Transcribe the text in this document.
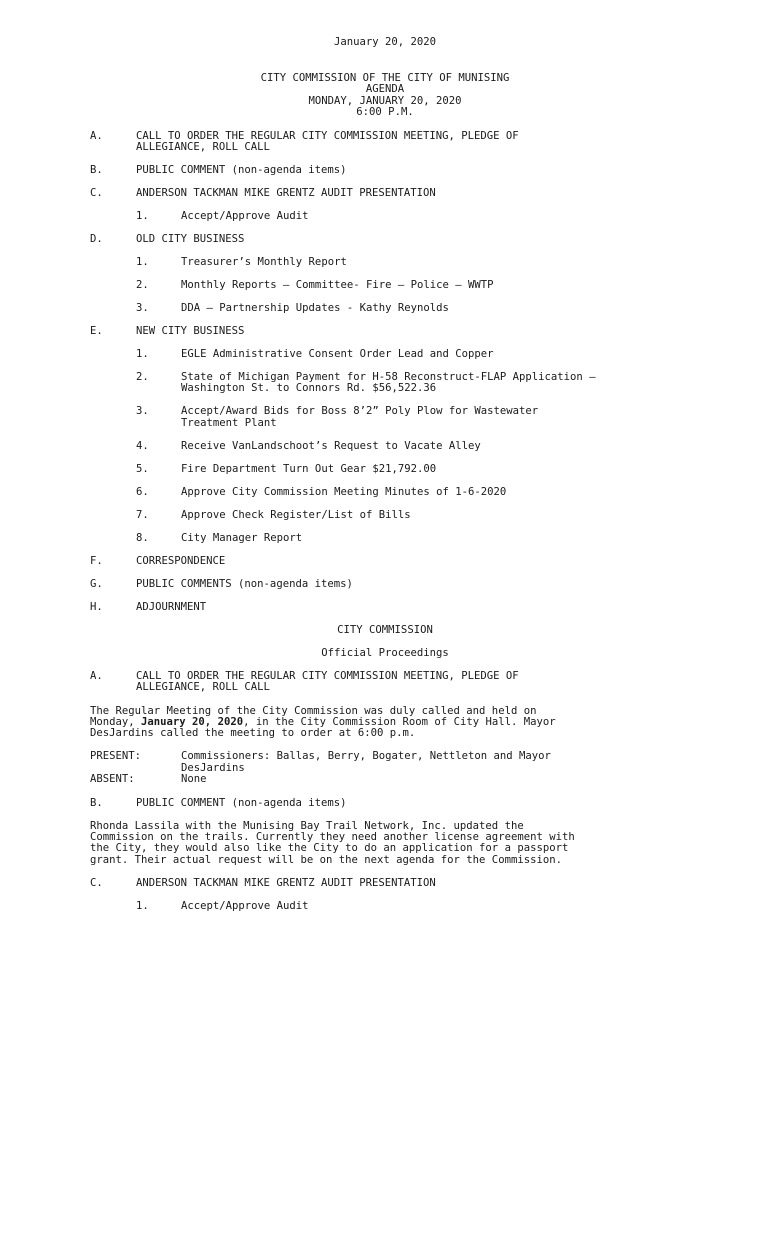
January 20, 2020

CITY COMMISSION OF THE CITY OF MUNISING

AGENDA

MONDAY, JANUARY 20, 2020

6:00 P.M.

A.

	CALL TO ORDER THE REGULAR CITY COMMISSION MEETING, PLEDGE OF

ALLEGIANCE, ROLL CALL

B.

	PUBLIC COMMENT (non-agenda items)

C.

	ANDERSON TACKMAN MIKE GRENTZ AUDIT PRESENTATION

1.

	Accept/Approve Audit

D.

	OLD CITY BUSINESS

1.

	Treasurer’s Monthly Report

2.

	Monthly Reports – Committee- Fire – Police – WWTP

3.

	DDA – Partnership Updates - Kathy Reynolds

E.

	NEW CITY BUSINESS

1.

	EGLE Administrative Consent Order Lead and Copper

2.

	State of Michigan Payment for H-58 Reconstruct-FLAP Application –

Washington St. to Connors Rd. $56,522.36

3.

	Accept/Award Bids for Boss 8’2” Poly Plow for Wastewater

Treatment Plant

4.

	Receive VanLandschoot’s Request to Vacate Alley

5.

	Fire Department Turn Out Gear $21,792.00

6.

	Approve City Commission Meeting Minutes of 1-6-2020

7.

	Approve Check Register/List of Bills

8.

	City Manager Report

F.

	CORRESPONDENCE

G.

	PUBLIC COMMENTS (non-agenda items)

H.

	ADJOURNMENT

CITY COMMISSION

Official Proceedings

A.

	CALL TO ORDER THE REGULAR CITY COMMISSION MEETING, PLEDGE OF

ALLEGIANCE, ROLL CALL

The Regular Meeting of the City Commission was duly called and held on

Monday, January 20, 2020, in the City Commission Room of City Hall. Mayor

DesJardins called the meeting to order at 6:00 p.m.

PRESENT:

	Commissioners: Ballas, Berry, Bogater, Nettleton and Mayor

DesJardins

ABSENT:

	None

B.

	PUBLIC COMMENT (non-agenda items)

Rhonda Lassila with the Munising Bay Trail Network, Inc. updated the

Commission on the trails. Currently they need another license agreement with

the City, they would also like the City to do an application for a passport

grant. Their actual request will be on the next agenda for the Commission.

C.

	ANDERSON TACKMAN MIKE GRENTZ AUDIT PRESENTATION

1.

	Accept/Approve Audit
